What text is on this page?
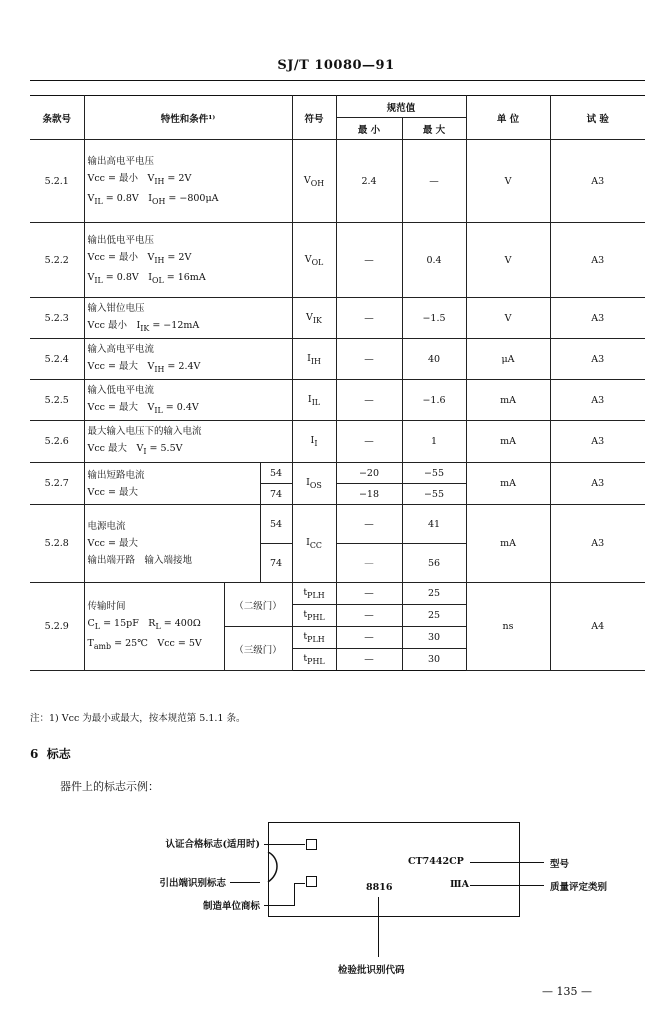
SJ/T 10080—91
条款号	特性和条件¹⁾			符号	规范值		单 位	试 验
					最 小	最 大		
5.2.1	输出高电平电压
Vcc = 最小　$V_{IH} = 2V$
$V_{IL} = 0.8V$　$I_{OH} = -800\mu A$			$V_{OH}$	2.4	—	V	A3
5.2.2	输出低电平电压
Vcc = 最小　$V_{IH} = 2V$
$V_{IL} = 0.8V$　$I_{OL} = 16mA$			$V_{OL}$	—	0.4	V	A3
5.2.3	输入钳位电压
Vcc 最小　$I_{IK} = -12mA$			$V_{IK}$	—	−1.5	V	A3
5.2.4	输入高电平电流
Vcc = 最大　$V_{IH} = 2.4V$			$I_{IH}$	—	40	μA	A3
5.2.5	输入低电平电流
Vcc = 最大　$V_{IL} = 0.4V$			$I_{IL}$	—	−1.6	mA	A3
5.2.6	最大输入电压下的输入电流
Vcc 最大　$V_I = 5.5V$			$I_I$	—	1	mA	A3
5.2.7	输出短路电流
Vcc = 最大		54	$I_{OS}$	−20	−55	mA	A3
			74		−18	−55		
5.2.8	电源电流
Vcc = 最大
输出端开路　输入端接地		54	$I_{CC}$	—	41	mA	A3
			74		—	56		
5.2.9	传输时间
$C_L = 15pF$　$R_L = 400\Omega$
$T_{amb}$ = 25℃　Vcc = 5V	（二级门）		$t_{PLH}$	—	25	ns	A4
				$t_{PHL}$	—	25		
		（三级门）		$t_{PLH}$	—	30		
				$t_{PHL}$	—	30		
注：1) Vcc 为最小或最大，按本规范第 5.1.1 条。
6 标志
器件上的标志示例：
认证合格标志(适用时)
引出端识别标志
制造单位商标
CT7442CP	型号
ⅢA	质量评定类别
8816
检验批识别代码
— 135 —
